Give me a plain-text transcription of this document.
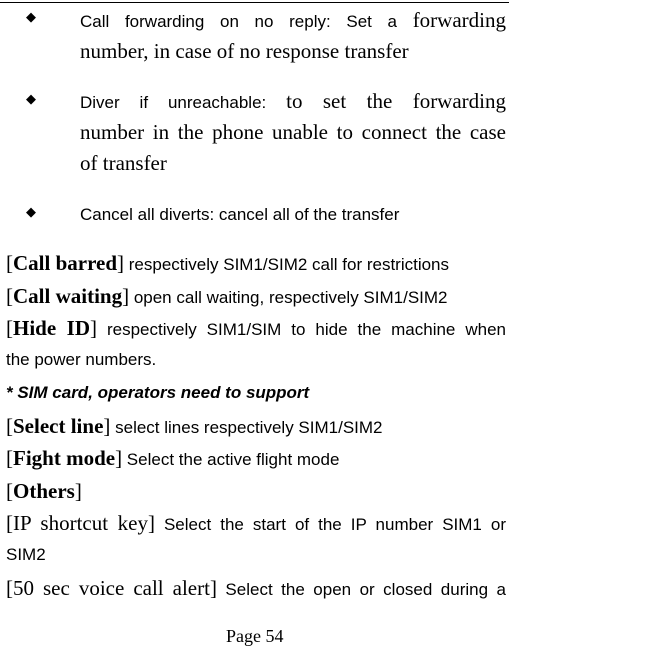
◆	Call forwarding on no reply: Set a forwarding
number, in case of no response transfer
◆	Diver if unreachable: to set the forwarding
number in the phone unable to connect the case
of transfer
◆	Cancel all diverts: cancel all of the transfer
[Call barred] respectively SIM1/SIM2 call for restrictions
[Call waiting] open call waiting, respectively SIM1/SIM2
[Hide ID] respectively SIM1/SIM to hide the machine when
the power numbers.
* SIM card, operators need to support
[Select line] select lines respectively SIM1/SIM2
[Fight mode] Select the active flight mode
[Others]
[IP shortcut key] Select the start of the IP number SIM1 or
SIM2
[50 sec voice call alert] Select the open or closed during a
Page 54
